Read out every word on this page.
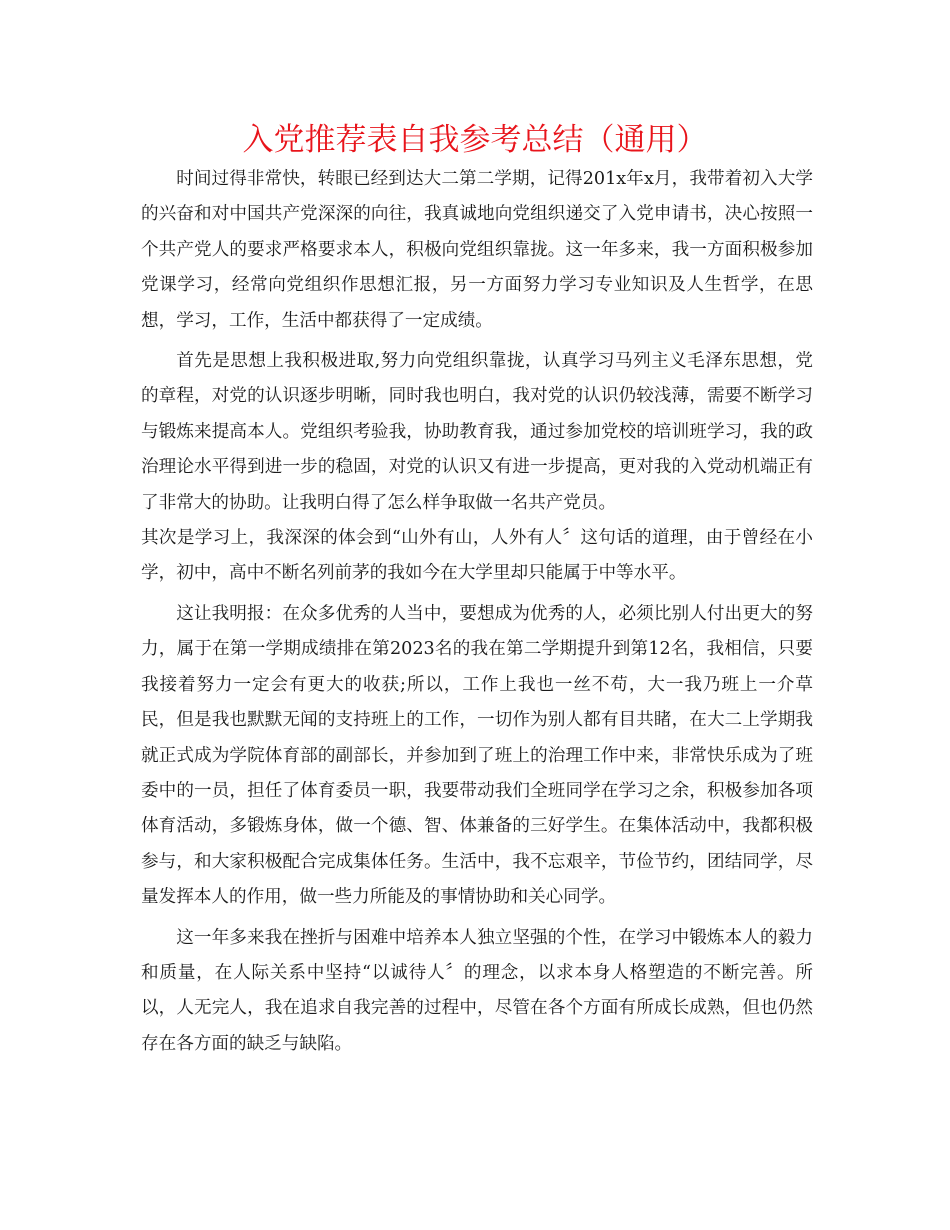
入党推荐表自我参考总结（通用）

时间过得非常快，转眼已经到达大二第二学期，记得201x年x月，我带着初入大学的兴奋和对中国共产党深深的向往，我真诚地向党组织递交了入党申请书，决心按照一个共产党人的要求严格要求本人，积极向党组织靠拢。这一年多来，我一方面积极参加党课学习，经常向党组织作思想汇报，另一方面努力学习专业知识及人生哲学，在思想，学习，工作，生活中都获得了一定成绩。

首先是思想上我积极进取,努力向党组织靠拢，认真学习马列主义毛泽东思想，党的章程，对党的认识逐步明晰，同时我也明白，我对党的认识仍较浅薄，需要不断学习与锻炼来提高本人。党组织考验我，协助教育我，通过参加党校的培训班学习，我的政治理论水平得到进一步的稳固，对党的认识又有进一步提高，更对我的入党动机端正有了非常大的协助。让我明白得了怎么样争取做一名共产党员。

其次是学习上，我深深的体会到“山外有山，人外有人〞这句话的道理，由于曾经在小学，初中，高中不断名列前茅的我如今在大学里却只能属于中等水平。

这让我明报：在众多优秀的人当中，要想成为优秀的人，必须比别人付出更大的努力，属于在第一学期成绩排在第2023名的我在第二学期提升到第12名，我相信，只要我接着努力一定会有更大的收获;所以，工作上我也一丝不苟，大一我乃班上一介草民，但是我也默默无闻的支持班上的工作，一切作为别人都有目共睹，在大二上学期我就正式成为学院体育部的副部长，并参加到了班上的治理工作中来，非常快乐成为了班委中的一员，担任了体育委员一职，我要带动我们全班同学在学习之余，积极参加各项体育活动，多锻炼身体，做一个德、智、体兼备的三好学生。在集体活动中，我都积极参与，和大家积极配合完成集体任务。生活中，我不忘艰辛，节俭节约，团结同学，尽量发挥本人的作用，做一些力所能及的事情协助和关心同学。

这一年多来我在挫折与困难中培养本人独立坚强的个性，在学习中锻炼本人的毅力和质量，在人际关系中坚持“以诚待人〞的理念，以求本身人格塑造的不断完善。所以，人无完人，我在追求自我完善的过程中，尽管在各个方面有所成长成熟，但也仍然存在各方面的缺乏与缺陷。
